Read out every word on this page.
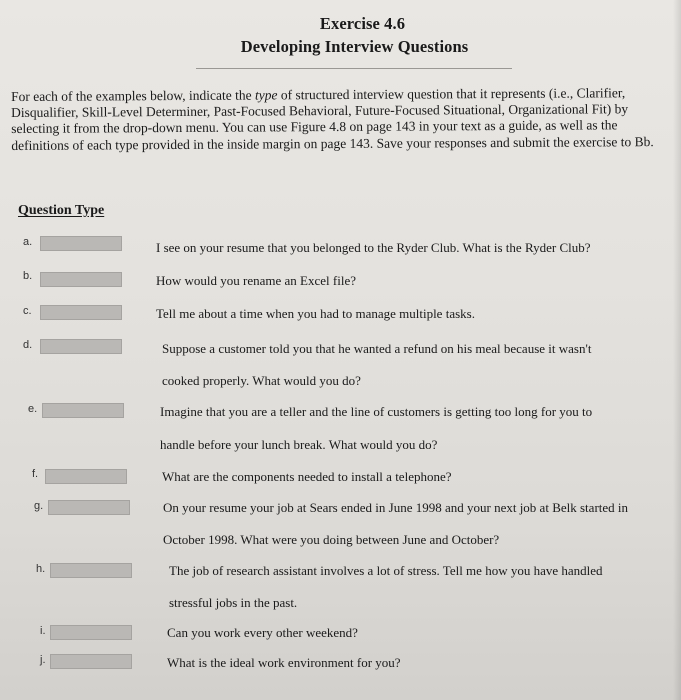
Exercise 4.6
Developing Interview Questions
For each of the examples below, indicate the type of structured interview question that it represents (i.e., Clarifier, Disqualifier, Skill-Level Determiner, Past-Focused Behavioral, Future-Focused Situational, Organizational Fit) by selecting it from the drop-down menu. You can use Figure 4.8 on page 143 in your text as a guide, as well as the definitions of each type provided in the inside margin on page 143. Save your responses and submit the exercise to Bb.
Question Type
a.	I see on your resume that you belonged to the Ryder Club. What is the Ryder Club?
b.	How would you rename an Excel file?
c.	Tell me about a time when you had to manage multiple tasks.
d.	Suppose a customer told you that he wanted a refund on his meal because it wasn't
cooked properly. What would you do?
e.	Imagine that you are a teller and the line of customers is getting too long for you to
handle before your lunch break. What would you do?
f.	What are the components needed to install a telephone?
g.	On your resume your job at Sears ended in June 1998 and your next job at Belk started in
October 1998. What were you doing between June and October?
h.	The job of research assistant involves a lot of stress. Tell me how you have handled
stressful jobs in the past.
i.	Can you work every other weekend?
j.	What is the ideal work environment for you?
